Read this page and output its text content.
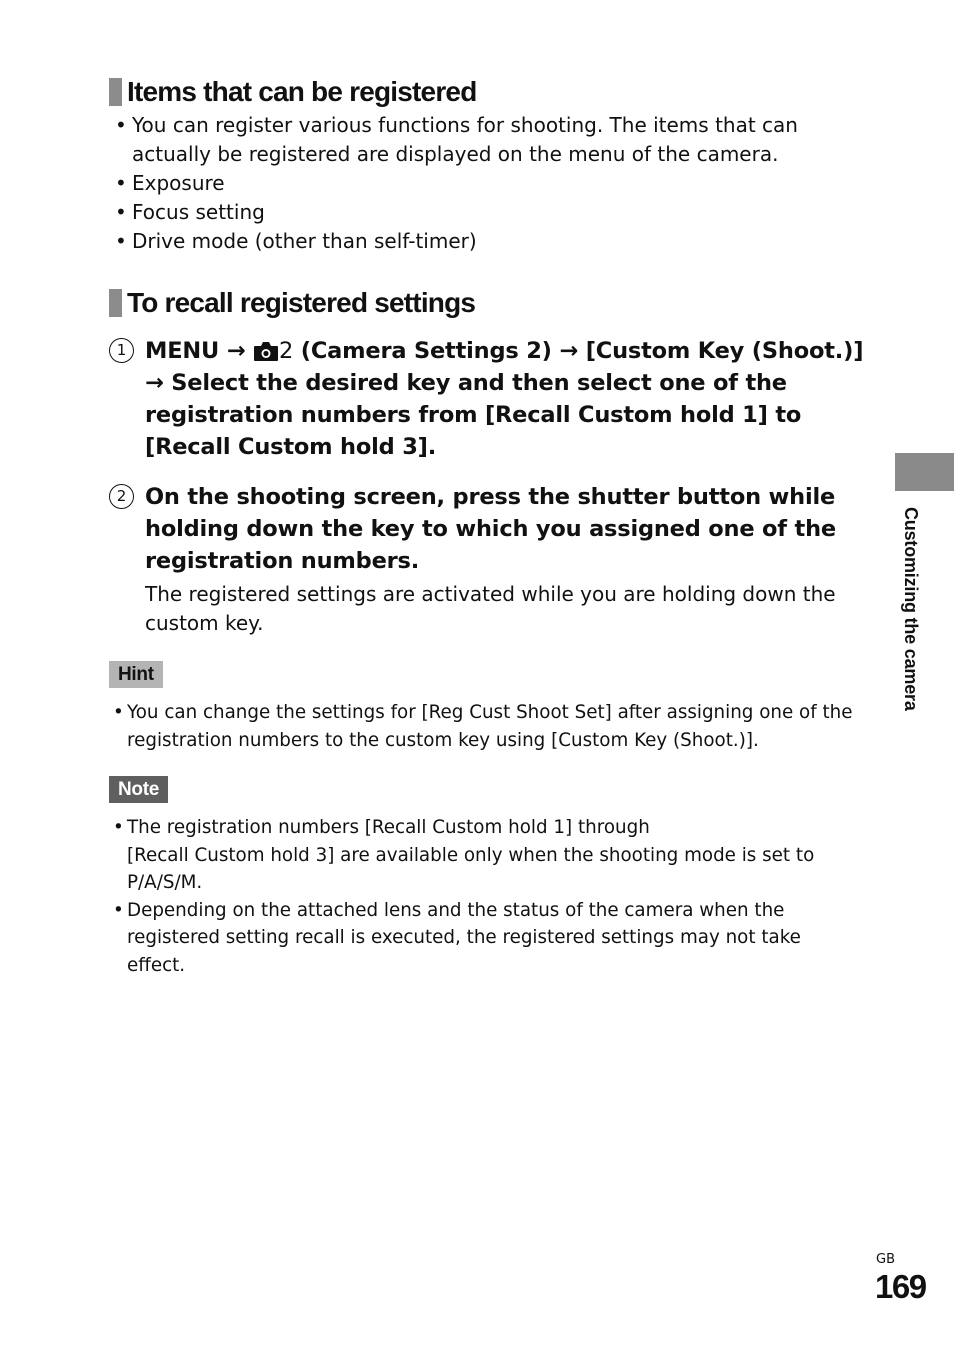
Items that can be registered
• You can register various functions for shooting. The items that can actually be registered are displayed on the menu of the camera.
• Exposure
• Focus setting
• Drive mode (other than self-timer)
To recall registered settings
1 MENU → 2 (Camera Settings 2) → [Custom Key (Shoot.)] → Select the desired key and then select one of the registration numbers from [Recall Custom hold 1] to [Recall Custom hold 3].
2 On the shooting screen, press the shutter button while holding down the key to which you assigned one of the registration numbers.
The registered settings are activated while you are holding down the custom key.
Hint
• You can change the settings for [Reg Cust Shoot Set] after assigning one of the registration numbers to the custom key using [Custom Key (Shoot.)].
Note
• The registration numbers [Recall Custom hold 1] through
[Recall Custom hold 3] are available only when the shooting mode is set to P/A/S/M.
• Depending on the attached lens and the status of the camera when the registered setting recall is executed, the registered settings may not take effect.
Customizing the camera
GB
169
